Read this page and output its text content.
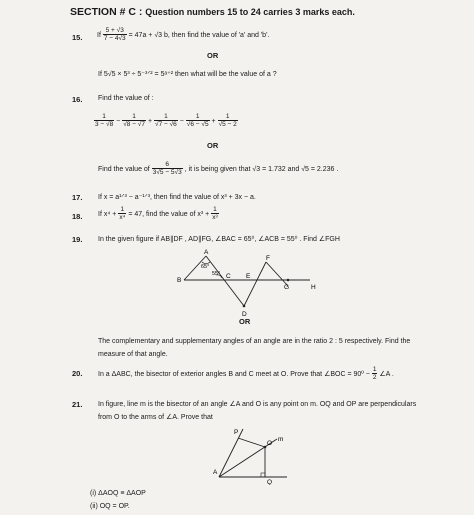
SECTION # C : Question numbers 15 to 24 carries 3 marks each.
15. If $\frac{5 + √3}{7 - 4√3} = 47a + √3$ b, then find the value of 'a' and 'b'.
OR
If 5√5 × 5³ ÷ 5⁻³ᐟ² = 5ᵃ⁺² then what will be the value of a ?
16. Find the value of :
$\frac{1}{3 - √8} - \frac{1}{√8 - √7} + \frac{1}{√7 - √6} - \frac{1}{√6 - √5} + \frac{1}{√5 - 2}$
OR
Find the value of $\frac{6}{3√5 - 5√3}$ , it is being given that √3 = 1.732 and √5 = 2.236 .
17. If x = a¹ᐟ³ − a⁻¹ᐟ³, then find the value of x³ + 3x − a.
18. If $x^4 + \frac{1}{\text{x⁴}} = 47$, find the value of $x^3 + \frac{1}{\text{x³}}$
19. In the given figure if AB∥DF , AD∥FG, ∠BAC = 65⁰, ∠ACB = 55⁰ . Find ∠FGH
A
B
C
D
E
F
G	H
65°
55°
OR
The complementary and supplementary angles of an angle are in the ratio 2 : 5 respectively. Find the
measure of that angle.
20. In a ΔABC, the bisector of exterior angles B and C meet at O. Prove that ∠BOC = 90º − $\frac{1}{2}$ ∠A .
21. In figure, line m is the bisector of an angle ∠A and O is any point on m. OQ and OP are perpendiculars
from O to the arms of ∠A. Prove that
P
O
m
A
Q
(i) ΔAOQ ≡ ΔAOP
(ii) OQ = OP.
